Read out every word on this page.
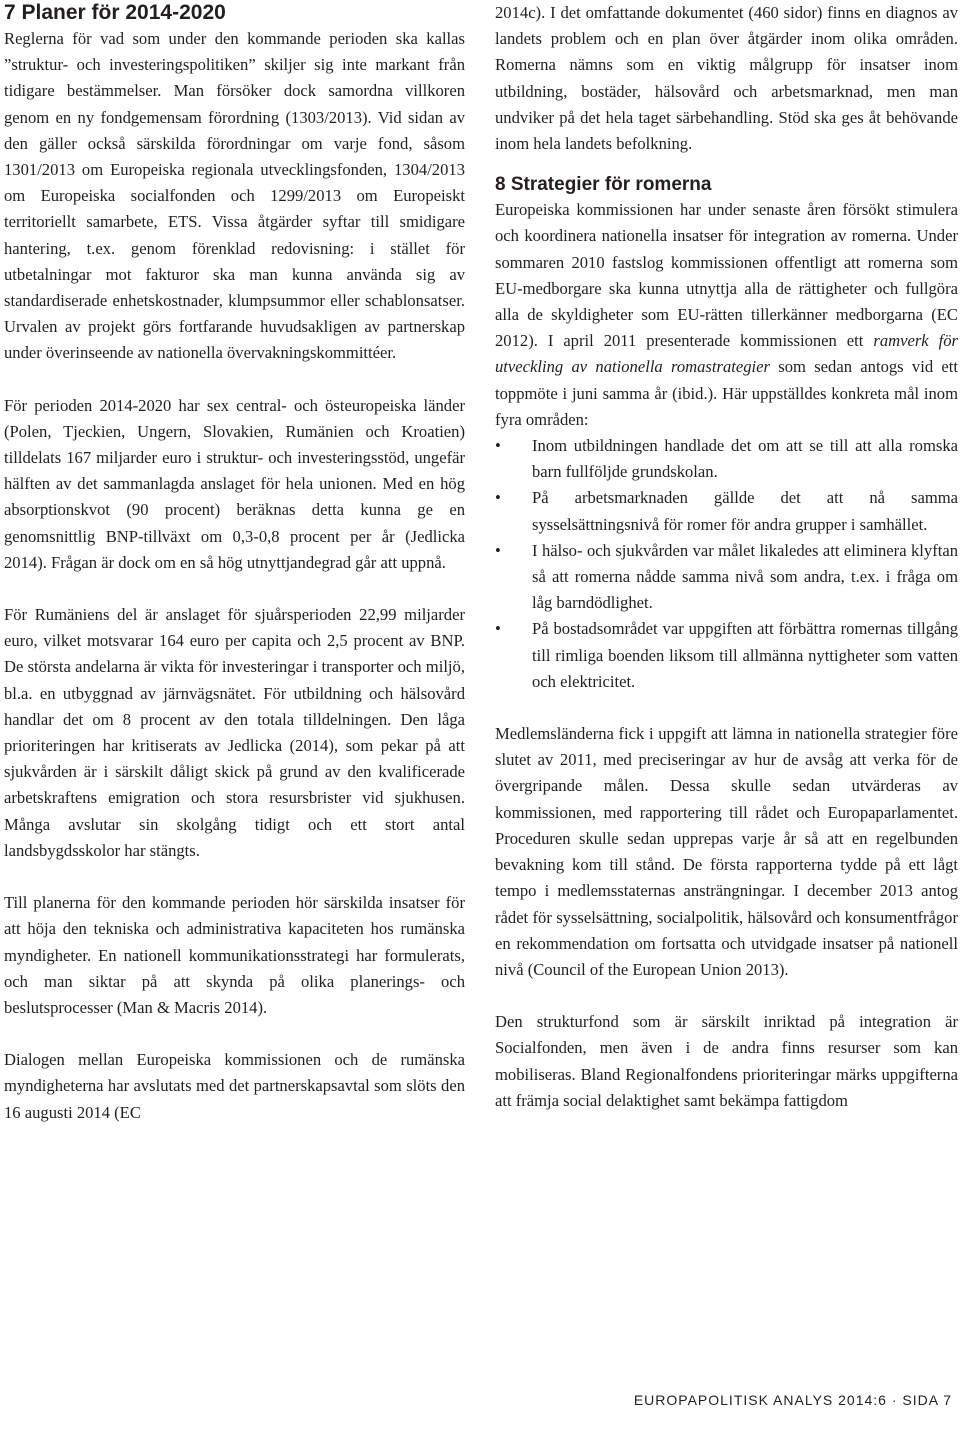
7 Planer för 2014-2020

Reglerna för vad som under den kommande perioden ska kallas ”struktur- och investeringspolitiken” skiljer sig inte markant från tidigare bestämmelser. Man försöker dock samordna villkoren genom en ny fondgemensam förordning (1303/2013). Vid sidan av den gäller också särskilda förordningar om varje fond, såsom 1301/2013 om Europeiska regionala utvecklingsfonden, 1304/2013 om Europeiska socialfonden och 1299/2013 om Europeiskt territoriellt samarbete, ETS. Vissa åtgärder syftar till smidigare hantering, t.ex. genom förenklad redovisning: i stället för utbetalningar mot fakturor ska man kunna använda sig av standardiserade enhetskostnader, klumpsummor eller schablonsatser. Urvalen av projekt görs fortfarande huvudsakligen av partnerskap under överinseende av nationella övervakningskommittéer.

För perioden 2014-2020 har sex central- och östeuropeiska länder (Polen, Tjeckien, Ungern, Slovakien, Rumänien och Kroatien) tilldelats 167 miljarder euro i struktur- och investeringsstöd, ungefär hälften av det sammanlagda anslaget för hela unionen. Med en hög absorptionskvot (90 procent) beräknas detta kunna ge en genomsnittlig BNP-tillväxt om 0,3-0,8 procent per år (Jedlicka 2014). Frågan är dock om en så hög utnyttjandegrad går att uppnå.

För Rumäniens del är anslaget för sjuårsperioden 22,99 miljarder euro, vilket motsvarar 164 euro per capita och 2,5 procent av BNP. De största andelarna är vikta för investeringar i transporter och miljö, bl.a. en utbyggnad av järnvägsnätet. För utbildning och hälsovård handlar det om 8 procent av den totala tilldelningen. Den låga prioriteringen har kritiserats av Jedlicka (2014), som pekar på att sjukvården är i särskilt dåligt skick på grund av den kvalificerade arbetskraftens emigration och stora resursbrister vid sjukhusen. Många avslutar sin skolgång tidigt och ett stort antal landsbygdsskolor har stängts.

Till planerna för den kommande perioden hör särskilda insatser för att höja den tekniska och administrativa kapaciteten hos rumänska myndigheter. En nationell kommunikationsstrategi har formulerats, och man siktar på att skynda på olika planerings- och beslutsprocesser (Man & Macris 2014).

Dialogen mellan Europeiska kommissionen och de rumänska myndigheterna har avslutats med det partnerskapsavtal som slöts den 16 augusti 2014 (EC

2014c). I det omfattande dokumentet (460 sidor) finns en diagnos av landets problem och en plan över åtgärder inom olika områden. Romerna nämns som en viktig målgrupp för insatser inom utbildning, bostäder, hälsovård och arbetsmarknad, men man undviker på det hela taget särbehandling. Stöd ska ges åt behövande inom hela landets befolkning.

8 Strategier för romerna

Europeiska kommissionen har under senaste åren försökt stimulera och koordinera nationella insatser för integration av romerna. Under sommaren 2010 fastslog kommissionen offentligt att romerna som EU-medborgare ska kunna utnyttja alla de rättigheter och fullgöra alla de skyldigheter som EU-rätten tillerkänner medborgarna (EC 2012). I april 2011 presenterade kommissionen ett ramverk för utveckling av nationella romastrategier som sedan antogs vid ett toppmöte i juni samma år (ibid.). Här uppställdes konkreta mål inom fyra områden:

• Inom utbildningen handlade det om att se till att alla romska barn fullföljde grundskolan.
• På arbetsmarknaden gällde det att nå samma sysselsättningsnivå för romer för andra grupper i samhället.
• I hälso- och sjukvården var målet likaledes att eliminera klyftan så att romerna nådde samma nivå som andra, t.ex. i fråga om låg barndödlighet.
• På bostadsområdet var uppgiften att förbättra romernas tillgång till rimliga boenden liksom till allmänna nyttigheter som vatten och elektricitet.

Medlemsländerna fick i uppgift att lämna in nationella strategier före slutet av 2011, med preciseringar av hur de avsåg att verka för de övergripande målen. Dessa skulle sedan utvärderas av kommissionen, med rapportering till rådet och Europaparlamentet. Proceduren skulle sedan upprepas varje år så att en regelbunden bevakning kom till stånd. De första rapporterna tydde på ett lågt tempo i medlemsstaternas ansträngningar. I december 2013 antog rådet för sysselsättning, socialpolitik, hälsovård och konsumentfrågor en rekommendation om fortsatta och utvidgade insatser på nationell nivå (Council of the European Union 2013).

Den strukturfond som är särskilt inriktad på integration är Socialfonden, men även i de andra finns resurser som kan mobiliseras. Bland Regionalfondens prioriteringar märks uppgifterna att främja social delaktighet samt bekämpa fattigdom

EUROPAPOLITISK ANALYS 2014:6 · SIDA 7
